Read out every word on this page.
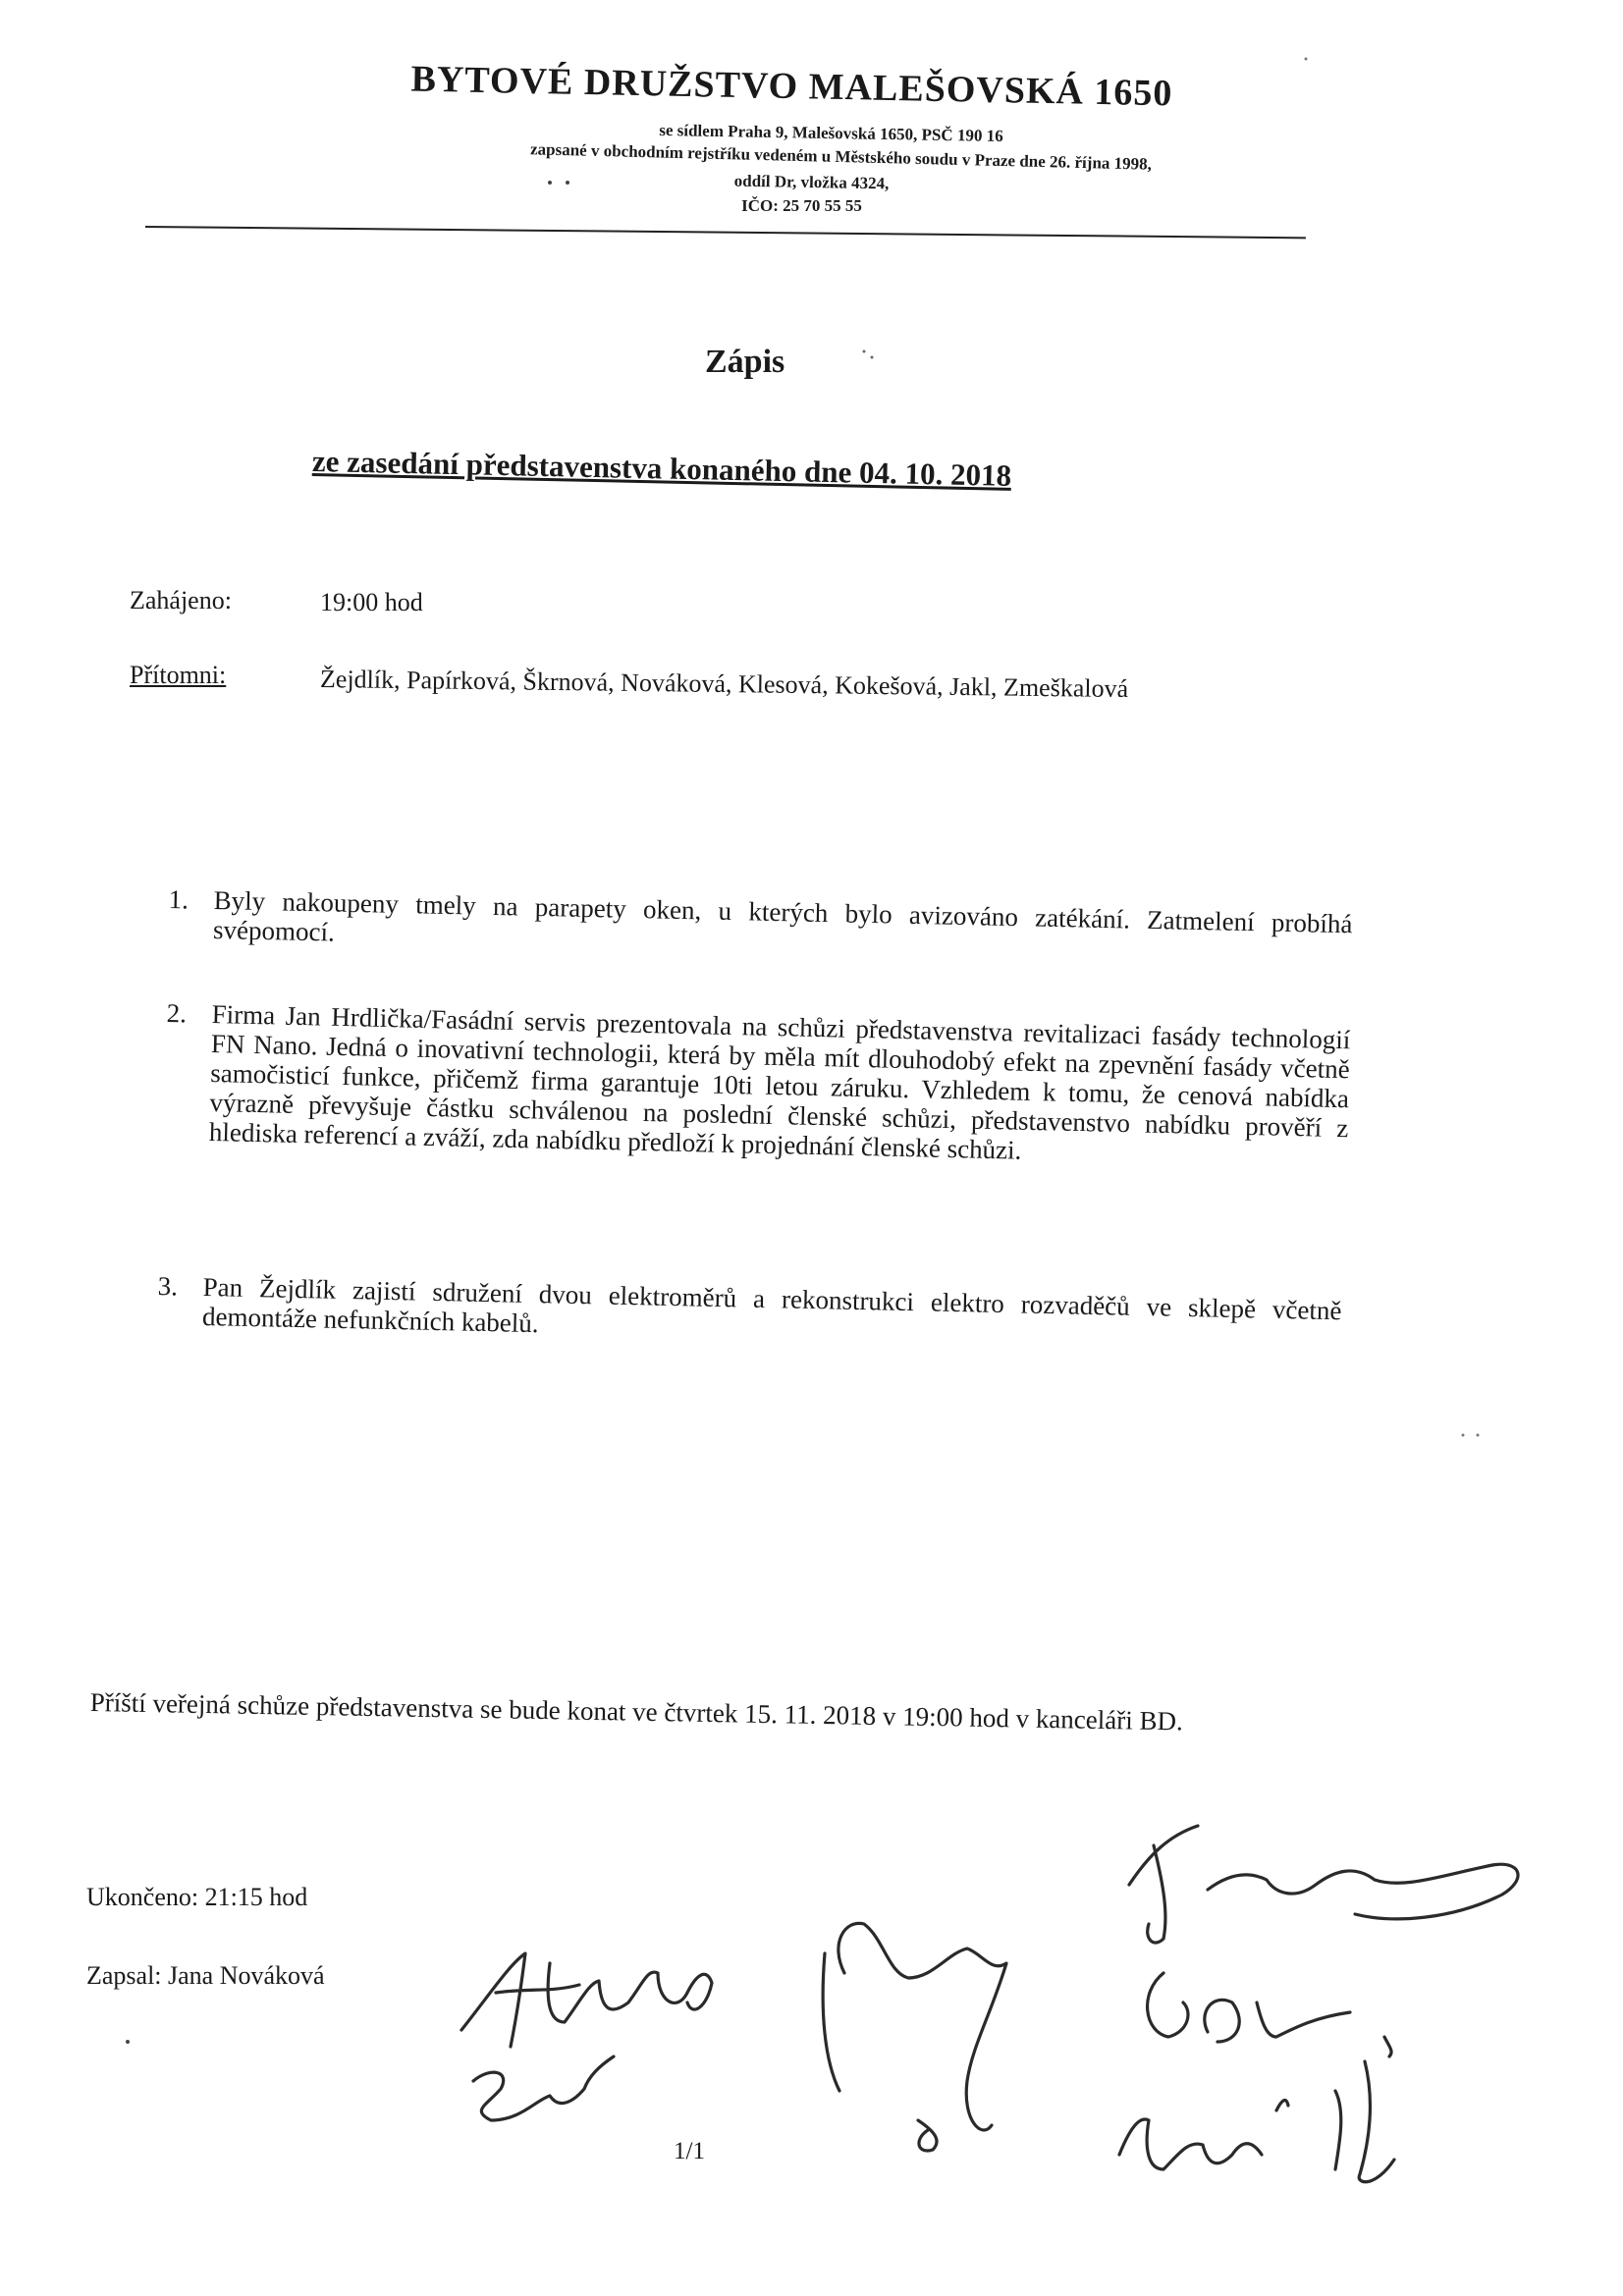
BYTOVÉ DRUŽSTVO MALEŠOVSKÁ 1650
se sídlem Praha 9, Malešovská 1650, PSČ 190 16
zapsané v obchodním rejstříku vedeném u Městského soudu v Praze dne 26. října 1998,
oddíl Dr, vložka 4324,
IČO: 25 70 55 55
Zápis
ze zasedání představenstva konaného dne 04. 10. 2018
Zahájeno:	19:00 hod
Přítomni:	Žejdlík, Papírková, Škrnová, Nováková, Klesová, Kokešová, Jakl, Zmeškalová
1. Byly nakoupeny tmely na parapety oken, u kterých bylo avizováno zatékání. Zatmelení probíhá svépomocí.

2. Firma Jan Hrdlička/Fasádní servis prezentovala na schůzi představenstva revitalizaci fasády technologií FN Nano. Jedná o inovativní technologii, která by měla mít dlouhodobý efekt na zpevnění fasády včetně samočisticí funkce, přičemž firma garantuje 10ti letou záruku. Vzhledem k tomu, že cenová nabídka výrazně převyšuje částku schválenou na poslední členské schůzi, představenstvo nabídku prověří z hlediska referencí a zváží, zda nabídku předloží k projednání členské schůzi.

3. Pan Žejdlík zajistí sdružení dvou elektroměrů a rekonstrukci elektro rozvaděčů ve sklepě včetně demontáže nefunkčních kabelů.

Příští veřejná schůze představenstva se bude konat ve čtvrtek 15. 11. 2018 v 19:00 hod v kanceláři BD.
Ukončeno: 21:15 hod
Zapsal: Jana Nováková
1/1
